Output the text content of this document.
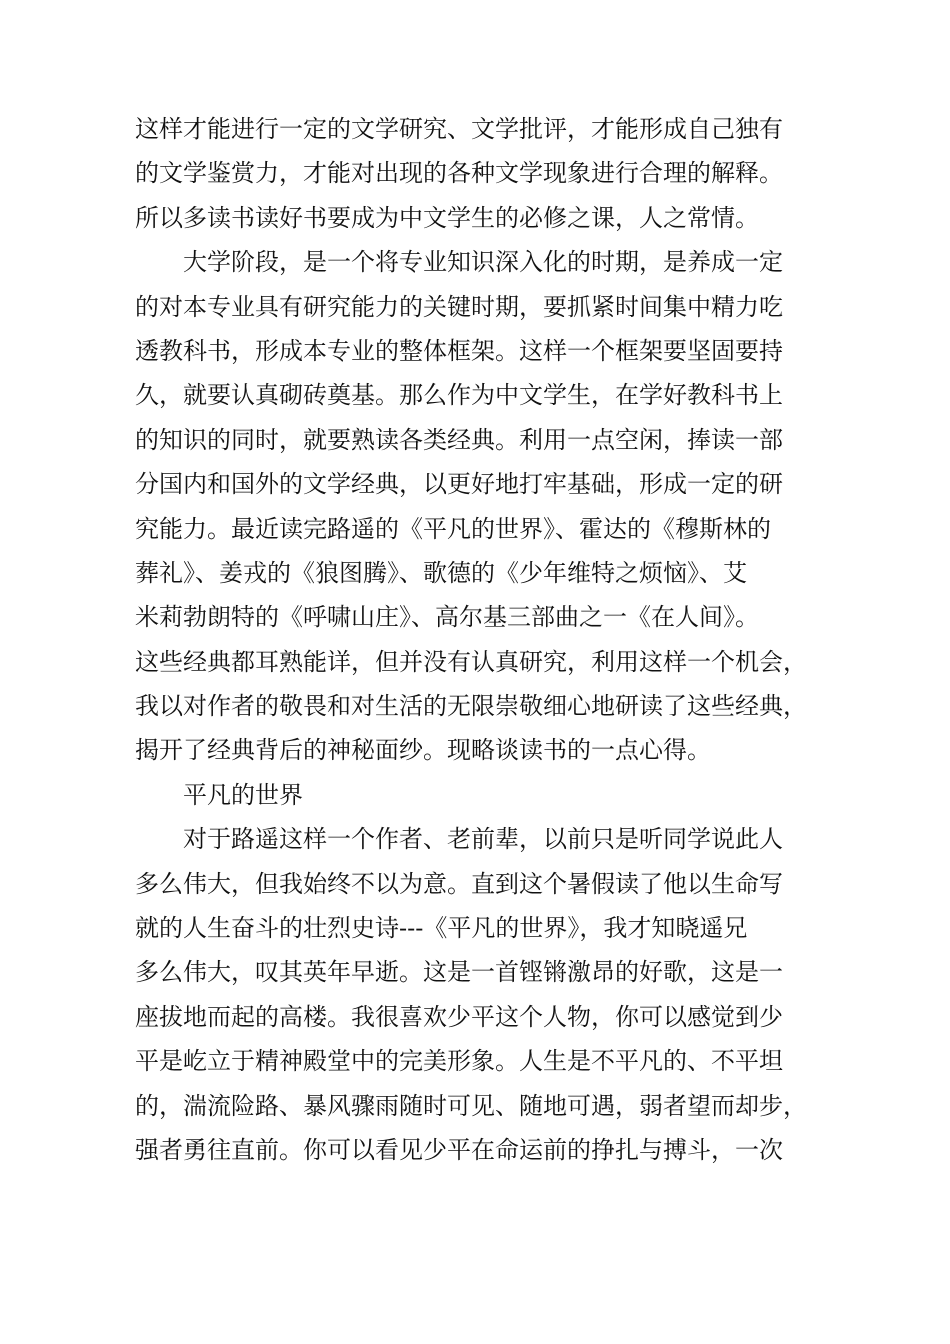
这样才能进行一定的文学研究、文学批评，才能形成自己独有
的文学鉴赏力，才能对出现的各种文学现象进行合理的解释。
所以多读书读好书要成为中文学生的必修之课，人之常情。
大学阶段，是一个将专业知识深入化的时期，是养成一定
的对本专业具有研究能力的关键时期，要抓紧时间集中精力吃
透教科书，形成本专业的整体框架。这样一个框架要坚固要持
久，就要认真砌砖奠基。那么作为中文学生，在学好教科书上
的知识的同时，就要熟读各类经典。利用一点空闲，捧读一部
分国内和国外的文学经典，以更好地打牢基础，形成一定的研
究能力。最近读完路遥的《平凡的世界》、霍达的《穆斯林的
葬礼》、姜戎的《狼图腾》、歌德的《少年维特之烦恼》、艾
米莉勃朗特的《呼啸山庄》、高尔基三部曲之一《在人间》。
这些经典都耳熟能详，但并没有认真研究，利用这样一个机会，
我以对作者的敬畏和对生活的无限崇敬细心地研读了这些经典，
揭开了经典背后的神秘面纱。现略谈读书的一点心得。
平凡的世界
对于路遥这样一个作者、老前辈，以前只是听同学说此人
多么伟大，但我始终不以为意。直到这个暑假读了他以生命写
就的人生奋斗的壮烈史诗---《平凡的世界》，我才知晓遥兄
多么伟大，叹其英年早逝。这是一首铿锵激昂的好歌，这是一
座拔地而起的高楼。我很喜欢少平这个人物，你可以感觉到少
平是屹立于精神殿堂中的完美形象。人生是不平凡的、不平坦
的，湍流险路、暴风骤雨随时可见、随地可遇，弱者望而却步，
强者勇往直前。你可以看见少平在命运前的挣扎与搏斗，一次
